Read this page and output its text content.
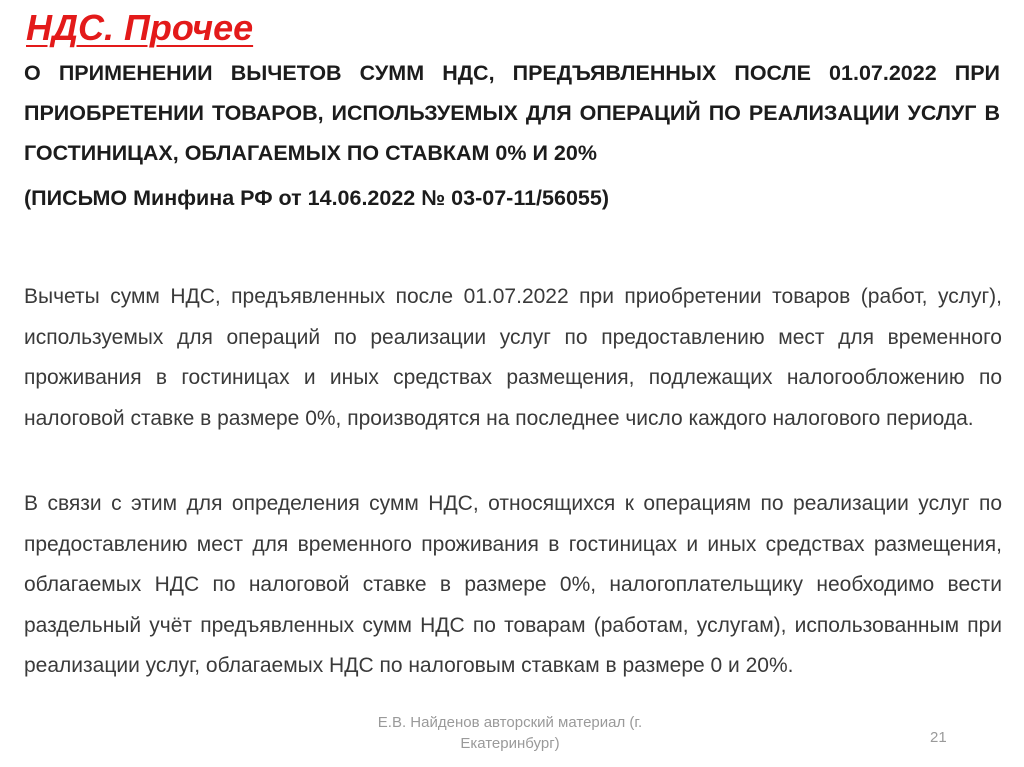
НДС. Прочее

О ПРИМЕНЕНИИ ВЫЧЕТОВ СУММ НДС, ПРЕДЪЯВЛЕННЫХ ПОСЛЕ 01.07.2022 ПРИ ПРИОБРЕТЕНИИ ТОВАРОВ, ИСПОЛЬЗУЕМЫХ ДЛЯ ОПЕРАЦИЙ ПО РЕАЛИЗАЦИИ УСЛУГ В ГОСТИНИЦАХ, ОБЛАГАЕМЫХ ПО СТАВКАМ 0% И 20%

(ПИСЬМО Минфина РФ от 14.06.2022 № 03-07-11/56055)

Вычеты сумм НДС, предъявленных после 01.07.2022 при приобретении товаров (работ, услуг), используемых для операций по реализации услуг по предоставлению мест для временного проживания в гостиницах и иных средствах размещения, подлежащих налогообложению по налоговой ставке в размере 0%, производятся на последнее число каждого налогового периода.

В связи с этим для определения сумм НДС, относящихся к операциям по реализации услуг по предоставлению мест для временного проживания в гостиницах и иных средствах размещения, облагаемых НДС по налоговой ставке в размере 0%, налогоплательщику необходимо вести раздельный учёт предъявленных сумм НДС по товарам (работам, услугам), использованным при реализации услуг, облагаемых НДС по налоговым ставкам в размере 0 и 20%.

Е.В. Найденов авторский материал (г. Екатеринбург)	21
